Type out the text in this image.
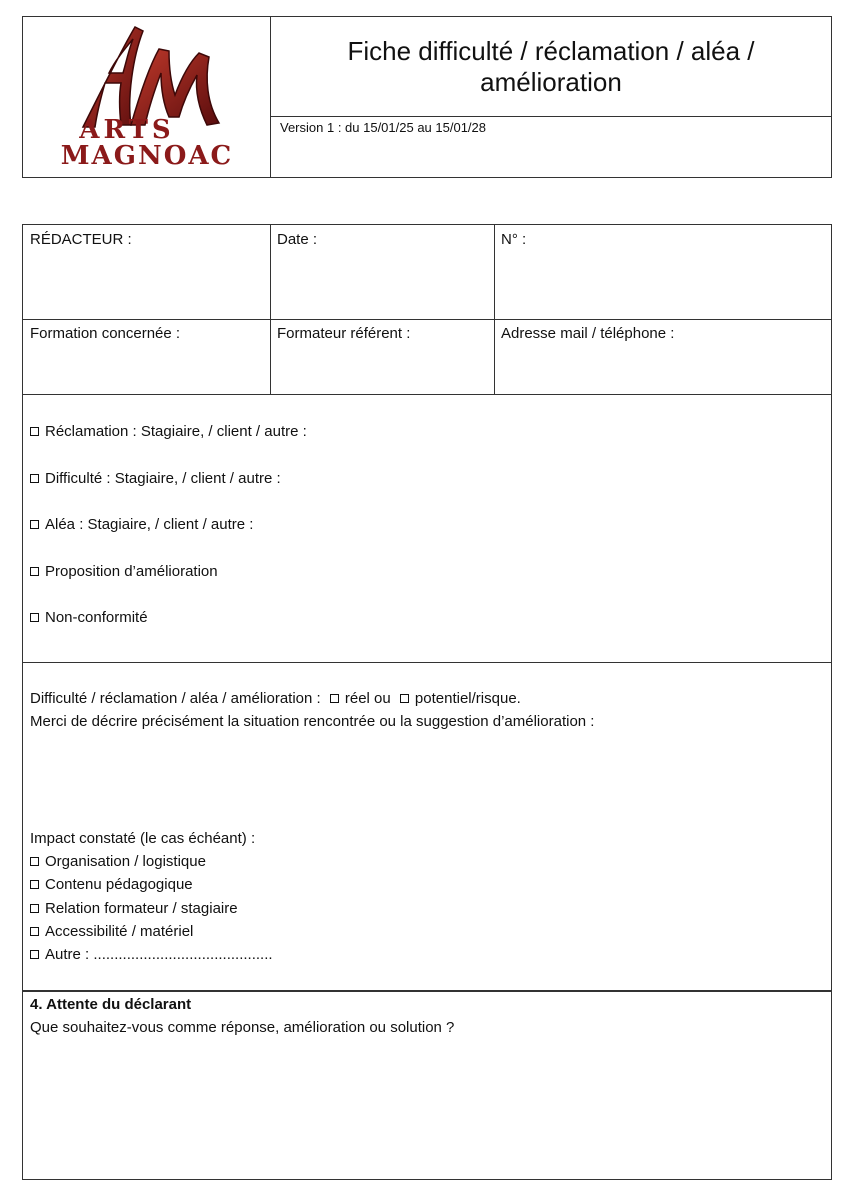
ARTS
MAGNOAC
Fiche difficulté / réclamation / aléa / amélioration
Version 1 : du 15/01/25 au 15/01/28
RÉDACTEUR :	Date :	N° :
Formation concernée :	Formateur référent :	Adresse mail / téléphone :
Réclamation : Stagiaire, / client / autre :
Difficulté : Stagiaire, / client / autre :
Aléa : Stagiaire, / client / autre :
Proposition d’amélioration
Non-conformité
Difficulté / réclamation / aléa / amélioration : réel ou potentiel/risque.
Merci de décrire précisément la situation rencontrée ou la suggestion d’amélioration :
Impact constaté (le cas échéant) :
Organisation / logistique
Contenu pédagogique
Relation formateur / stagiaire
Accessibilité / matériel
Autre : ...........................................
4. Attente du déclarant
Que souhaitez-vous comme réponse, amélioration ou solution ?
